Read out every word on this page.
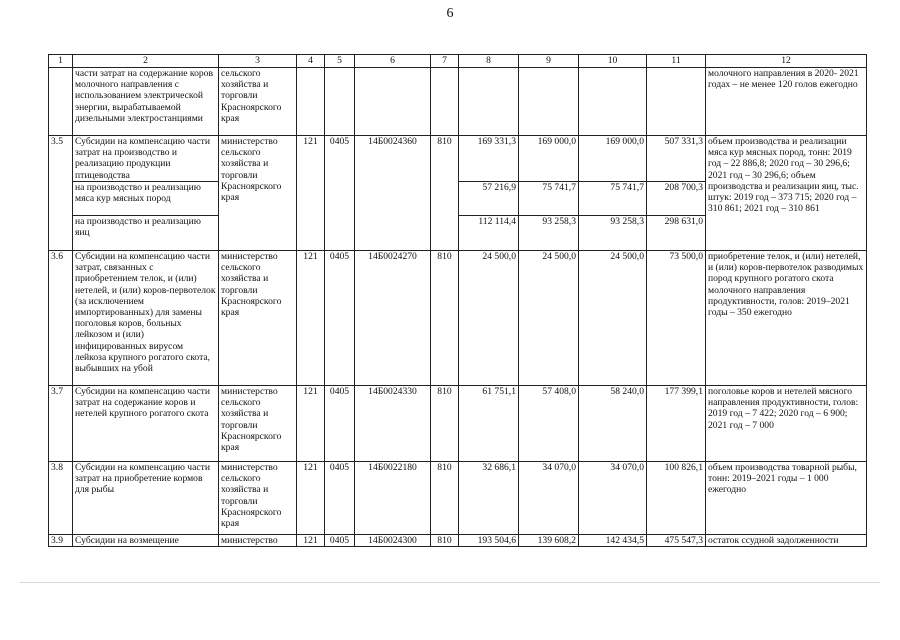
6
1	2	3	4	5	6	7	8	9	10	11	12
	части затрат на содержание коров молочного направления с использованием электрической энергии, вырабатываемой дизельными электростанциями	сельского хозяйства и торговли Красноярского края									молочного направления в 2020- 2021 годах – не менее 120 голов ежегодно
3.5	Субсидии на компенсацию части затрат на производство и реализацию продукции птицеводства	министерство сельского хозяйства и торговли Красноярского края	121	0405	14Б0024360	810	169 331,3	169 000,0	169 000,0	507 331,3	объем производства и реализации мяса кур мясных пород, тонн: 2019 год – 22 886,8; 2020 год – 30 296,6; 2021 год – 30 296,6; объем производства и реализации яиц, тыс. штук: 2019 год – 373 715; 2020 год – 310 861; 2021 год – 310 861
	на производство и реализацию мяса кур мясных пород						57 216,9	75 741,7	75 741,7	208 700,3	
	на производство и реализацию яиц						112 114,4	93 258,3	93 258,3	298 631,0	
3.6	Субсидии на компенсацию части затрат, связанных с приобретением телок, и (или) нетелей, и (или) коров-первотелок (за исключением импортированных) для замены поголовья коров, больных лейкозом и (или) инфицированных вирусом лейкоза крупного рогатого скота, выбывших на убой	министерство сельского хозяйства и торговли Красноярского края	121	0405	14Б0024270	810	24 500,0	24 500,0	24 500,0	73 500,0	приобретение телок, и (или) нетелей, и (или) коров-первотелок разводимых пород крупного рогатого скота молочного направления продуктивности, голов: 2019–2021 годы – 350 ежегодно
3.7	Субсидии на компенсацию части затрат на содержание коров и нетелей крупного рогатого скота	министерство сельского хозяйства и торговли Красноярского края	121	0405	14Б0024330	810	61 751,1	57 408,0	58 240,0	177 399,1	поголовье коров и нетелей мясного направления продуктивности, голов: 2019 год – 7 422; 2020 год – 6 900; 2021 год – 7 000
3.8	Субсидии на компенсацию части затрат на приобретение кормов для рыбы	министерство сельского хозяйства и торговли Красноярского края	121	0405	14Б0022180	810	32 686,1	34 070,0	34 070,0	100 826,1	объем производства товарной рыбы, тонн: 2019–2021 годы – 1 000 ежегодно
3.9	Субсидии на возмещение	министерство	121	0405	14Б0024300	810	193 504,6	139 608,2	142 434,5	475 547,3	остаток ссудной задолженности
